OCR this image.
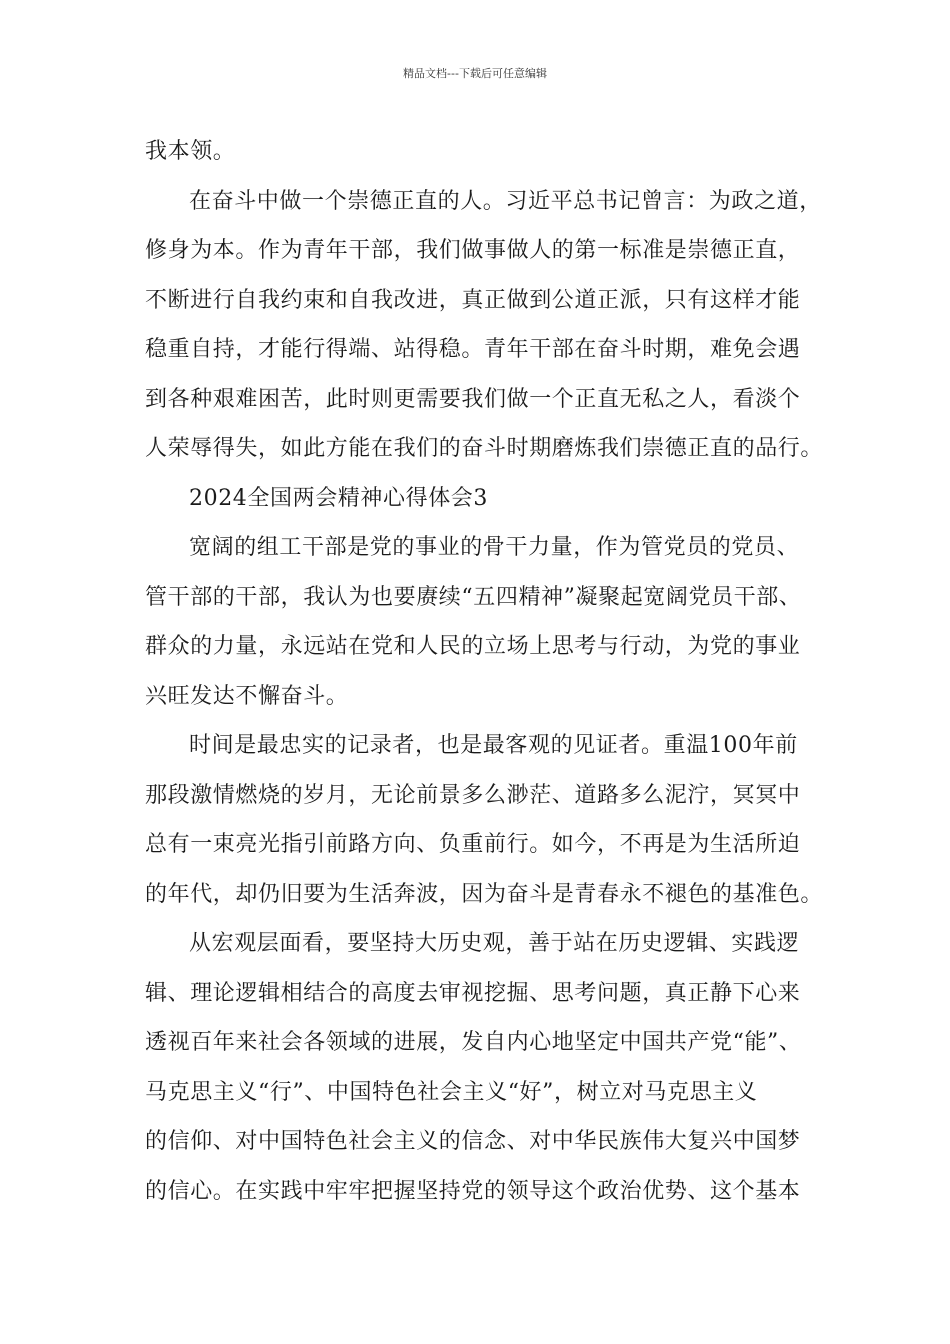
精品文档---下载后可任意编辑
我本领。
在奋斗中做一个崇德正直的人。习近平总书记曾言：为政之道，
修身为本。作为青年干部，我们做事做人的第一标准是崇德正直，
不断进行自我约束和自我改进，真正做到公道正派，只有这样才能
稳重自持，才能行得端、站得稳。青年干部在奋斗时期，难免会遇
到各种艰难困苦，此时则更需要我们做一个正直无私之人，看淡个
人荣辱得失，如此方能在我们的奋斗时期磨炼我们崇德正直的品行。
2024全国两会精神心得体会3
宽阔的组工干部是党的事业的骨干力量，作为管党员的党员、
管干部的干部，我认为也要赓续“五四精神”凝聚起宽阔党员干部、
群众的力量，永远站在党和人民的立场上思考与行动，为党的事业
兴旺发达不懈奋斗。
时间是最忠实的记录者，也是最客观的见证者。重温100年前
那段激情燃烧的岁月，无论前景多么渺茫、道路多么泥泞，冥冥中
总有一束亮光指引前路方向、负重前行。如今，不再是为生活所迫
的年代，却仍旧要为生活奔波，因为奋斗是青春永不褪色的基准色。
从宏观层面看，要坚持大历史观，善于站在历史逻辑、实践逻
辑、理论逻辑相结合的高度去审视挖掘、思考问题，真正静下心来
透视百年来社会各领域的进展，发自内心地坚定中国共产党“能”、
马克思主义“行”、中国特色社会主义“好”，树立对马克思主义
的信仰、对中国特色社会主义的信念、对中华民族伟大复兴中国梦
的信心。在实践中牢牢把握坚持党的领导这个政治优势、这个基本
